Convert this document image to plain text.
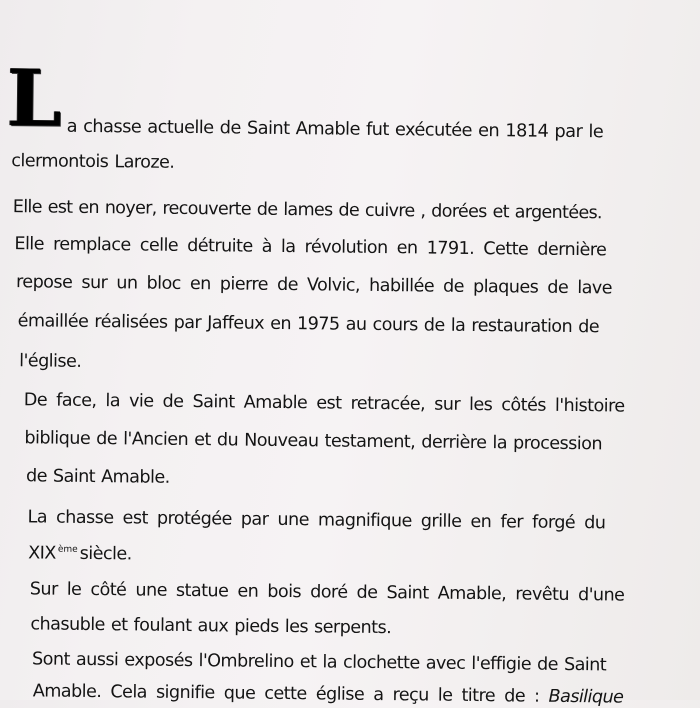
L a chasse actuelle de Saint Amable fut exécutée en 1814 par le
clermontois Laroze.
Elle est en noyer, recouverte de lames de cuivre , dorées et argentées.
Elle remplace celle détruite à la révolution en 1791. Cette dernière
repose sur un bloc en pierre de Volvic, habillée de plaques de lave
émaillée réalisées par Jaffeux en 1975 au cours de la restauration de
l'église.
De face, la vie de Saint Amable est retracée, sur les côtés l'histoire
biblique de l'Ancien et du Nouveau testament, derrière la procession
de Saint Amable.
La chasse est protégée par une magnifique grille en fer forgé du
XIX $^{ème}$ siècle.
Sur le côté une statue en bois doré de Saint Amable, revêtu d'une
chasuble et foulant aux pieds les serpents.
Sont aussi exposés l'Ombrelino et la clochette avec l'effigie de Saint
Amable. Cela signifie que cette église a reçu le titre de : Basilique
